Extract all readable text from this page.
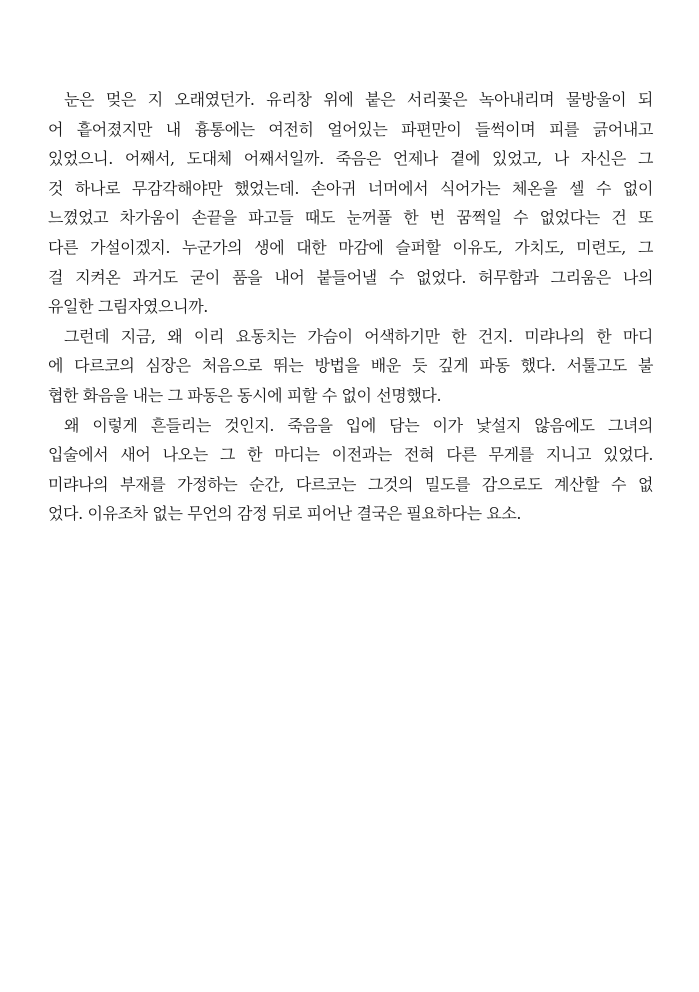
눈은 멎은 지 오래였던가. 유리창 위에 붙은 서리꽃은 녹아내리며 물방울이 되
어 흩어졌지만 내 흉통에는 여전히 얼어있는 파편만이 들썩이며 피를 긁어내고
있었으니. 어째서, 도대체 어째서일까. 죽음은 언제나 곁에 있었고, 나 자신은 그
것 하나로 무감각해야만 했었는데. 손아귀 너머에서 식어가는 체온을 셀 수 없이
느꼈었고 차가움이 손끝을 파고들 때도 눈꺼풀 한 번 꿈쩍일 수 없었다는 건 또
다른 가설이겠지. 누군가의 생에 대한 마감에 슬퍼할 이유도, 가치도, 미련도, 그
걸 지켜온 과거도 굳이 품을 내어 붙들어낼 수 없었다. 허무함과 그리움은 나의
유일한 그림자였으니까.
그런데 지금, 왜 이리 요동치는 가슴이 어색하기만 한 건지. 미랴나의 한 마디
에 다르코의 심장은 처음으로 뛰는 방법을 배운 듯 깊게 파동 했다. 서툴고도 불
협한 화음을 내는 그 파동은 동시에 피할 수 없이 선명했다.
왜 이렇게 흔들리는 것인지. 죽음을 입에 담는 이가 낯설지 않음에도 그녀의
입술에서 새어 나오는 그 한 마디는 이전과는 전혀 다른 무게를 지니고 있었다.
미랴나의 부재를 가정하는 순간, 다르코는 그것의 밀도를 감으로도 계산할 수 없
었다. 이유조차 없는 무언의 감정 뒤로 피어난 결국은 필요하다는 요소.
